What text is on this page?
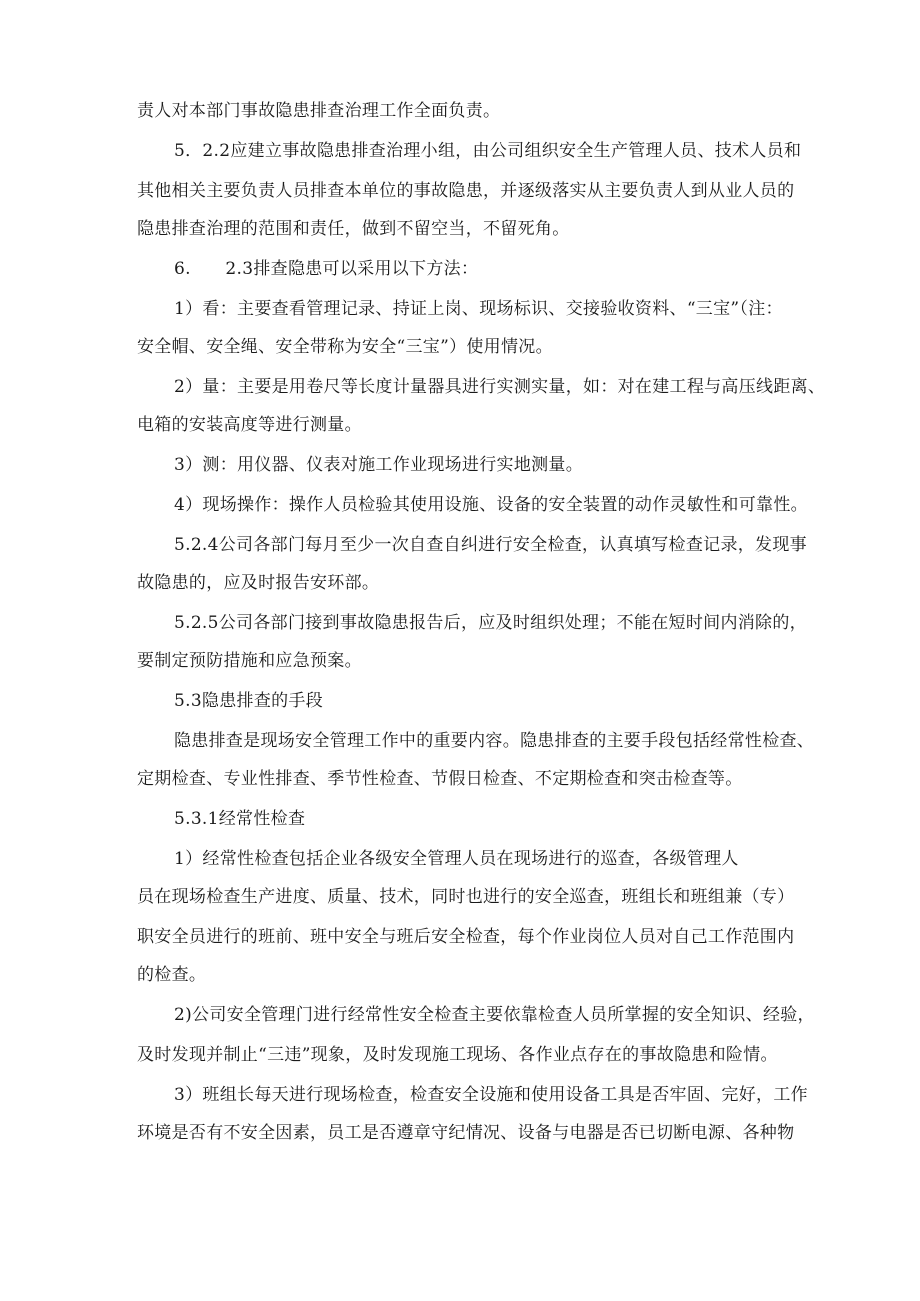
责人对本部门事故隐患排查治理工作全面负责。
5．2.2应建立事故隐患排查治理小组，由公司组织安全生产管理人员、技术人员和
其他相关主要负责人员排查本单位的事故隐患，并逐级落实从主要负责人到从业人员的
隐患排查治理的范围和责任，做到不留空当，不留死角。
6.　　2.3排查隐患可以采用以下方法：
1）看：主要查看管理记录、持证上岗、现场标识、交接验收资料、“三宝”（注：
安全帽、安全绳、安全带称为安全“三宝”）使用情况。
2）量：主要是用卷尺等长度计量器具进行实测实量，如：对在建工程与高压线距离、
电箱的安装高度等进行测量。
3）测：用仪器、仪表对施工作业现场进行实地测量。
4）现场操作：操作人员检验其使用设施、设备的安全装置的动作灵敏性和可靠性。
5.2.4公司各部门每月至少一次自查自纠进行安全检查，认真填写检查记录，发现事
故隐患的，应及时报告安环部。
5.2.5公司各部门接到事故隐患报告后，应及时组织处理；不能在短时间内消除的，
要制定预防措施和应急预案。
5.3隐患排查的手段
隐患排查是现场安全管理工作中的重要内容。隐患排查的主要手段包括经常性检查、
定期检查、专业性排查、季节性检查、节假日检查、不定期检查和突击检查等。
5.3.1经常性检查
1）经常性检查包括企业各级安全管理人员在现场进行的巡查，各级管理人
员在现场检查生产进度、质量、技术，同时也进行的安全巡查，班组长和班组兼（专）
职安全员进行的班前、班中安全与班后安全检查，每个作业岗位人员对自己工作范围内
的检查。
2)公司安全管理门进行经常性安全检查主要依靠检查人员所掌握的安全知识、经验，
及时发现并制止“三违”现象，及时发现施工现场、各作业点存在的事故隐患和险情。
3）班组长每天进行现场检查，检查安全设施和使用设备工具是否牢固、完好，工作
环境是否有不安全因素，员工是否遵章守纪情况、设备与电器是否已切断电源、各种物
